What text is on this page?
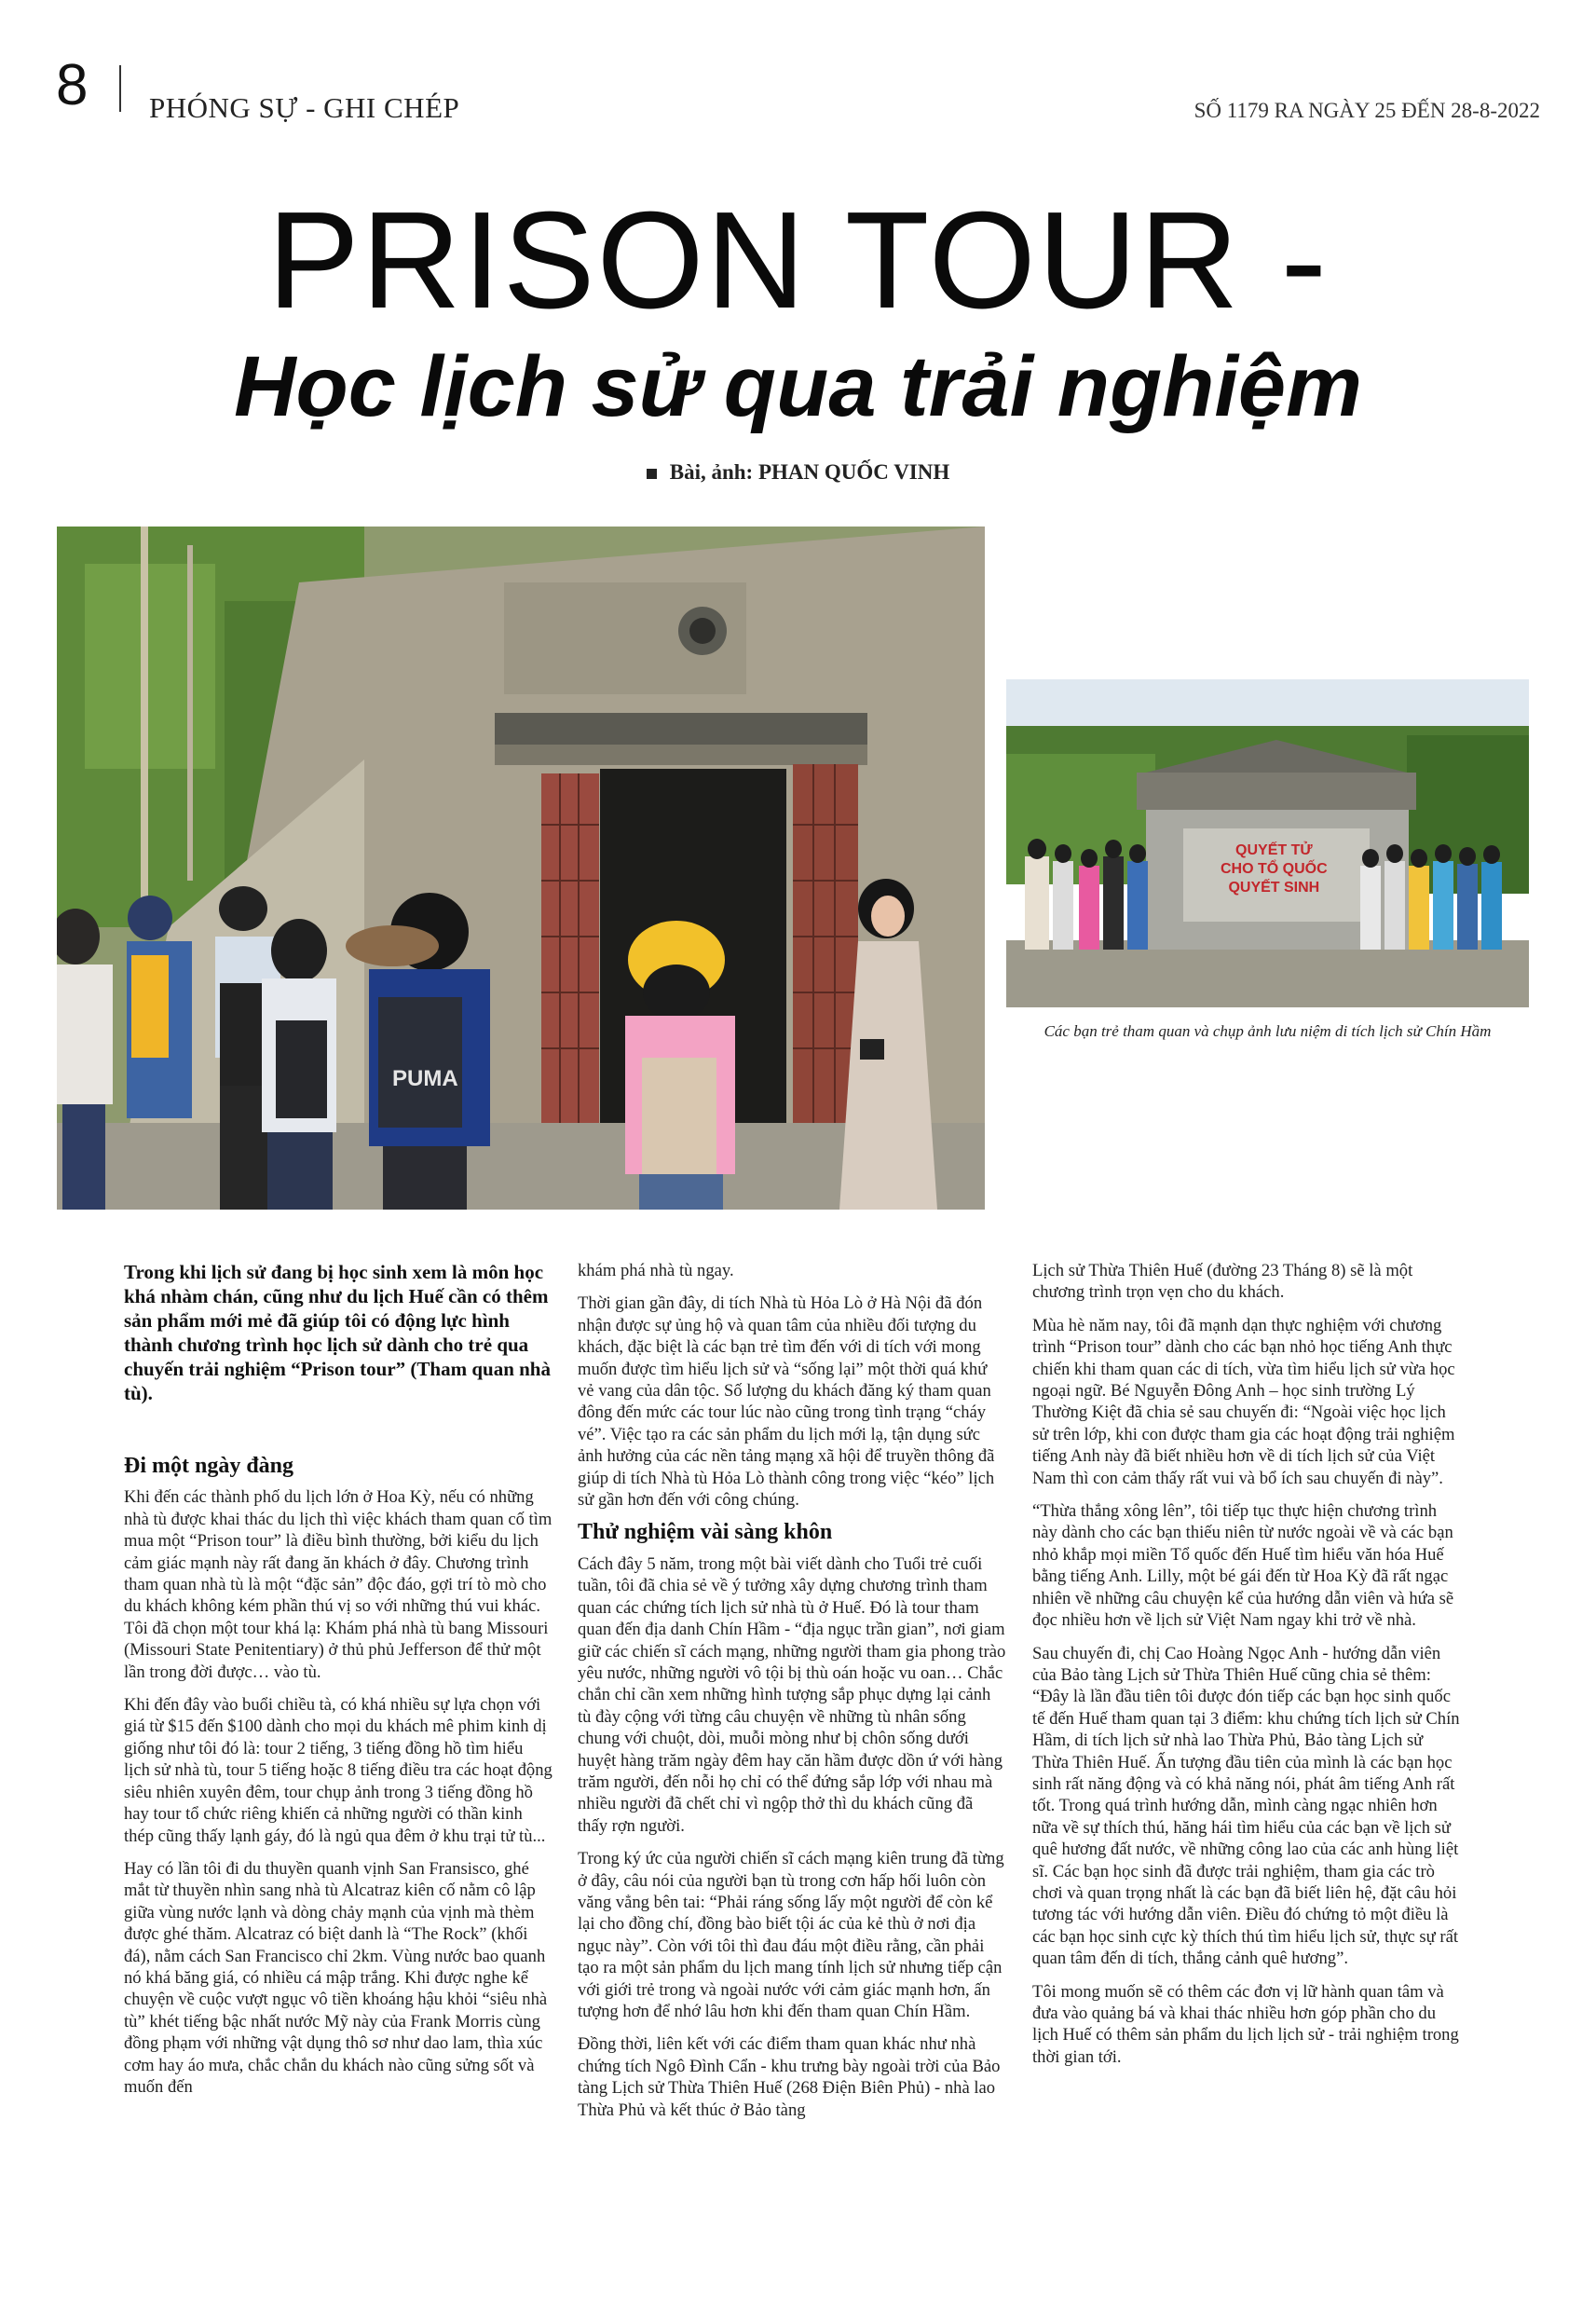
8 PHÓNG SỰ - GHI CHÉP	SỐ 1179 RA NGÀY 25 ĐẾN 28-8-2022
PRISON TOUR -
Học lịch sử qua trải nghiệm
Bài, ảnh: PHAN QUỐC VINH
PUMA
QUYẾT TỬ
CHO TỔ QUỐC
QUYẾT SINH
Các bạn trẻ tham quan và chụp ảnh lưu niệm di tích lịch sử Chín Hầm

Trong khi lịch sử đang bị học sinh xem là môn học khá nhàm chán, cũng như du lịch Huế cần có thêm sản phẩm mới mẻ đã giúp tôi có động lực hình thành chương trình học lịch sử dành cho trẻ qua chuyến trải nghiệm “Prison tour” (Tham quan nhà tù).

Đi một ngày đàng

Khi đến các thành phố du lịch lớn ở Hoa Kỳ, nếu có những nhà tù được khai thác du lịch thì việc khách tham quan cố tìm mua một “Prison tour” là điều bình thường, bởi kiểu du lịch cảm giác mạnh này rất đang ăn khách ở đây. Chương trình tham quan nhà tù là một “đặc sản” độc đáo, gợi trí tò mò cho du khách không kém phần thú vị so với những thú vui khác. Tôi đã chọn một tour khá lạ: Khám phá nhà tù bang Missouri (Missouri State Penitentiary) ở thủ phủ Jefferson để thử một lần trong đời được… vào tù.

Khi đến đây vào buổi chiều tà, có khá nhiều sự lựa chọn với giá từ $15 đến $100 dành cho mọi du khách mê phim kinh dị giống như tôi đó là: tour 2 tiếng, 3 tiếng đồng hồ tìm hiểu lịch sử nhà tù, tour 5 tiếng hoặc 8 tiếng điều tra các hoạt động siêu nhiên xuyên đêm, tour chụp ảnh trong 3 tiếng đồng hồ hay tour tổ chức riêng khiến cả những người có thần kinh thép cũng thấy lạnh gáy, đó là ngủ qua đêm ở khu trại tử tù...

Hay có lần tôi đi du thuyền quanh vịnh San Fransisco, ghé mắt từ thuyền nhìn sang nhà tù Alcatraz kiên cố nằm cô lập giữa vùng nước lạnh và dòng chảy mạnh của vịnh mà thèm được ghé thăm. Alcatraz có biệt danh là “The Rock” (khối đá), nằm cách San Francisco chỉ 2km. Vùng nước bao quanh nó khá băng giá, có nhiều cá mập trắng. Khi được nghe kể chuyện về cuộc vượt ngục vô tiền khoáng hậu khỏi “siêu nhà tù” khét tiếng bậc nhất nước Mỹ này của Frank Morris cùng đồng phạm với những vật dụng thô sơ như dao lam, thìa xúc cơm hay áo mưa, chắc chắn du khách nào cũng sửng sốt và muốn đến

khám phá nhà tù ngay.

Thời gian gần đây, di tích Nhà tù Hỏa Lò ở Hà Nội đã đón nhận được sự ủng hộ và quan tâm của nhiều đối tượng du khách, đặc biệt là các bạn trẻ tìm đến với di tích với mong muốn được tìm hiểu lịch sử và “sống lại” một thời quá khứ vẻ vang của dân tộc. Số lượng du khách đăng ký tham quan đông đến mức các tour lúc nào cũng trong tình trạng “cháy vé”. Việc tạo ra các sản phẩm du lịch mới lạ, tận dụng sức ảnh hưởng của các nền tảng mạng xã hội để truyền thông đã giúp di tích Nhà tù Hỏa Lò thành công trong việc “kéo” lịch sử gần hơn đến với công chúng.

Thử nghiệm vài sàng khôn

Cách đây 5 năm, trong một bài viết dành cho Tuổi trẻ cuối tuần, tôi đã chia sẻ về ý tưởng xây dựng chương trình tham quan các chứng tích lịch sử nhà tù ở Huế. Đó là tour tham quan đến địa danh Chín Hầm - “địa ngục trần gian”, nơi giam giữ các chiến sĩ cách mạng, những người tham gia phong trào yêu nước, những người vô tội bị thù oán hoặc vu oan… Chắc chắn chỉ cần xem những hình tượng sắp phục dựng lại cảnh tù đày cộng với từng câu chuyện về những tù nhân sống chung với chuột, dòi, muỗi mòng như bị chôn sống dưới huyệt hàng trăm ngày đêm hay căn hầm được dồn ứ với hàng trăm người, đến nỗi họ chỉ có thể đứng sắp lớp với nhau mà nhiều người đã chết chỉ vì ngộp thở thì du khách cũng đã thấy rợn người.

Trong ký ức của người chiến sĩ cách mạng kiên trung đã từng ở đây, câu nói của người bạn tù trong cơn hấp hối luôn còn văng vẳng bên tai: “Phải ráng sống lấy một người để còn kể lại cho đồng chí, đồng bào biết tội ác của kẻ thù ở nơi địa ngục này”. Còn với tôi thì đau đáu một điều rằng, cần phải tạo ra một sản phẩm du lịch mang tính lịch sử nhưng tiếp cận với giới trẻ trong và ngoài nước với cảm giác mạnh hơn, ấn tượng hơn để nhớ lâu hơn khi đến tham quan Chín Hầm.

Đồng thời, liên kết với các điểm tham quan khác như nhà chứng tích Ngô Đình Cẩn - khu trưng bày ngoài trời của Bảo tàng Lịch sử Thừa Thiên Huế (268 Điện Biên Phủ) - nhà lao Thừa Phủ và kết thúc ở Bảo tàng

Lịch sử Thừa Thiên Huế (đường 23 Tháng 8) sẽ là một chương trình trọn vẹn cho du khách.

Mùa hè năm nay, tôi đã mạnh dạn thực nghiệm với chương trình “Prison tour” dành cho các bạn nhỏ học tiếng Anh thực chiến khi tham quan các di tích, vừa tìm hiểu lịch sử vừa học ngoại ngữ. Bé Nguyễn Đông Anh – học sinh trường Lý Thường Kiệt đã chia sẻ sau chuyến đi: “Ngoài việc học lịch sử trên lớp, khi con được tham gia các hoạt động trải nghiệm tiếng Anh này đã biết nhiều hơn về di tích lịch sử của Việt Nam thì con cảm thấy rất vui và bổ ích sau chuyến đi này”.

“Thừa thắng xông lên”, tôi tiếp tục thực hiện chương trình này dành cho các bạn thiếu niên từ nước ngoài về và các bạn nhỏ khắp mọi miền Tổ quốc đến Huế tìm hiểu văn hóa Huế bằng tiếng Anh. Lilly, một bé gái đến từ Hoa Kỳ đã rất ngạc nhiên về những câu chuyện kể của hướng dẫn viên và hứa sẽ đọc nhiều hơn về lịch sử Việt Nam ngay khi trở về nhà.

Sau chuyến đi, chị Cao Hoàng Ngọc Anh - hướng dẫn viên của Bảo tàng Lịch sử Thừa Thiên Huế cũng chia sẻ thêm: “Đây là lần đầu tiên tôi được đón tiếp các bạn học sinh quốc tế đến Huế tham quan tại 3 điểm: khu chứng tích lịch sử Chín Hầm, di tích lịch sử nhà lao Thừa Phủ, Bảo tàng Lịch sử Thừa Thiên Huế. Ấn tượng đầu tiên của mình là các bạn học sinh rất năng động và có khả năng nói, phát âm tiếng Anh rất tốt. Trong quá trình hướng dẫn, mình càng ngạc nhiên hơn nữa về sự thích thú, hăng hái tìm hiểu của các bạn về lịch sử quê hương đất nước, về những công lao của các anh hùng liệt sĩ. Các bạn học sinh đã được trải nghiệm, tham gia các trò chơi và quan trọng nhất là các bạn đã biết liên hệ, đặt câu hỏi tương tác với hướng dẫn viên. Điều đó chứng tỏ một điều là các bạn học sinh cực kỳ thích thú tìm hiểu lịch sử, thực sự rất quan tâm đến di tích, thắng cảnh quê hương”.

Tôi mong muốn sẽ có thêm các đơn vị lữ hành quan tâm và đưa vào quảng bá và khai thác nhiều hơn góp phần cho du lịch Huế có thêm sản phẩm du lịch lịch sử - trải nghiệm trong thời gian tới.
